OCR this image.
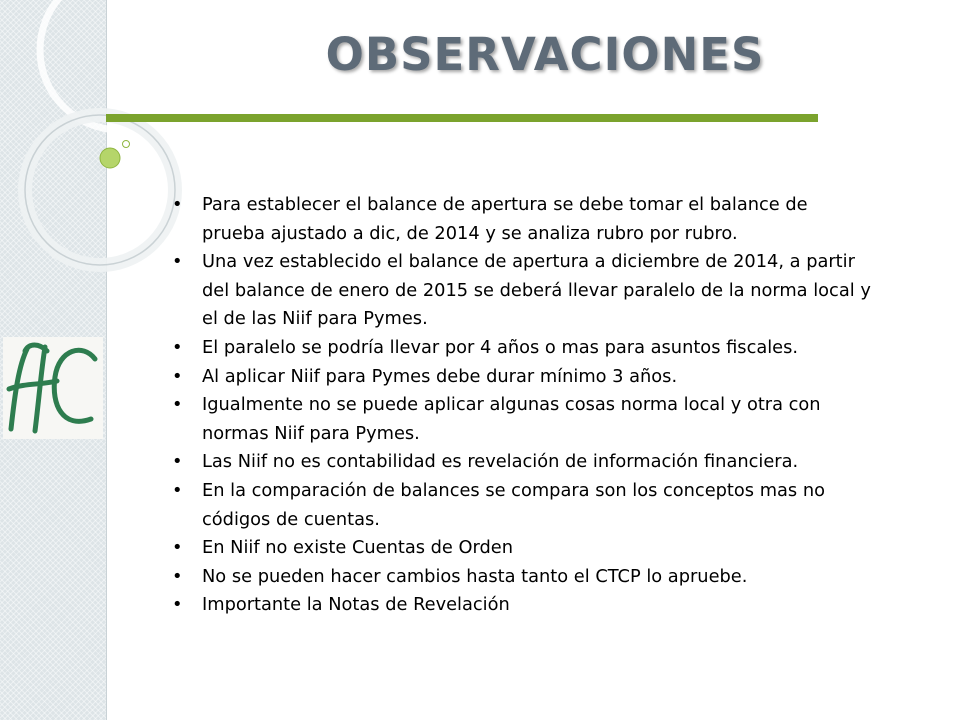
OBSERVACIONES
• Para establecer el balance de apertura se debe tomar el balance de prueba ajustado a dic, de 2014 y se analiza rubro por rubro.
• Una vez establecido el balance de apertura a diciembre de 2014, a partir del balance de enero de 2015 se deberá llevar paralelo de la norma local y el de las Niif para Pymes.
• El paralelo se podría llevar por 4 años o mas para asuntos fiscales.
• Al aplicar Niif para Pymes debe durar mínimo 3 años.
• Igualmente no se puede aplicar algunas cosas norma local y otra con normas Niif para Pymes.
• Las Niif no es contabilidad es revelación de información financiera.
• En la comparación de balances se compara son los conceptos mas no códigos de cuentas.
• En Niif no existe Cuentas de Orden
• No se pueden hacer cambios hasta tanto el CTCP lo apruebe.
• Importante la Notas de Revelación
